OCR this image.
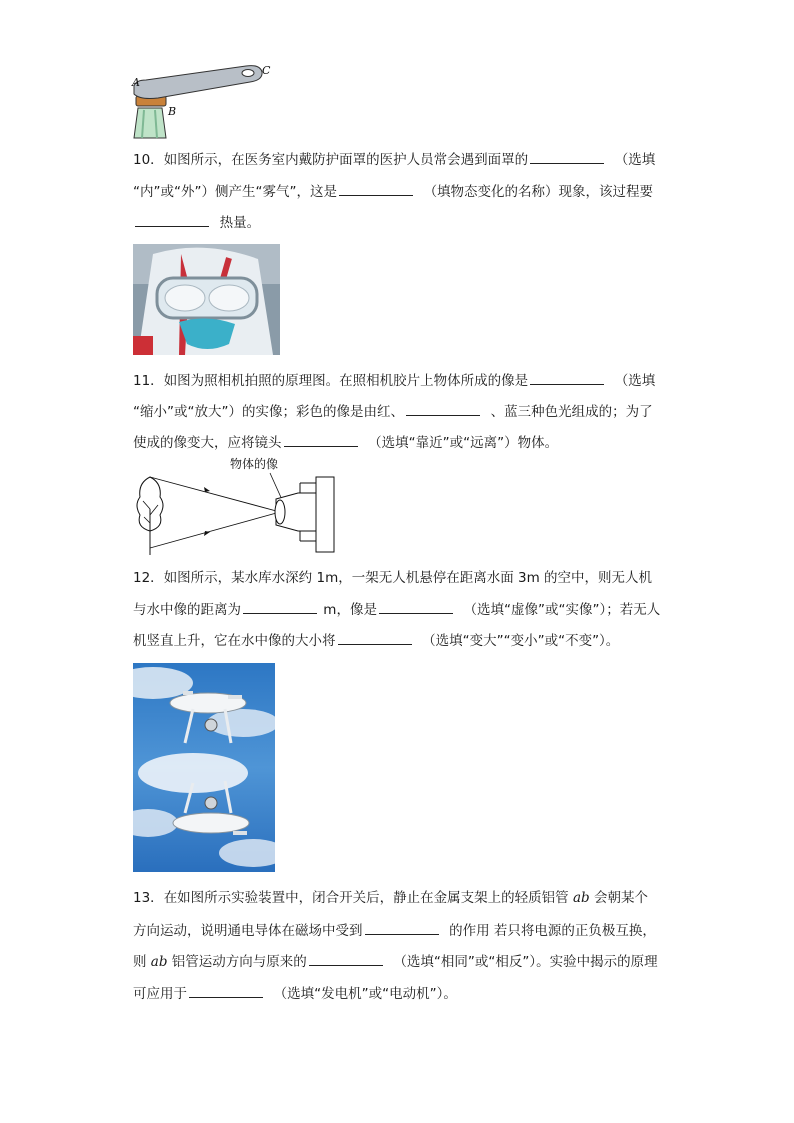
A
B
C
10．如图所示，在医务室内戴防护面罩的医护人员常会遇到面罩的	（选填
“内”或“外”）侧产生“雾气”，这是	（填物态变化的名称）现象，该过程要
热量。
11．如图为照相机拍照的原理图。在照相机胶片上物体所成的像是	（选填
“缩小”或“放大”）的实像；彩色的像是由红、	、蓝三种色光组成的；为了
使成的像变大，应将镜头	（选填“靠近”或“远离”）物体。
物体的像
12．如图所示，某水库水深约 1m，一架无人机悬停在距离水面 3m 的空中，则无人机
与水中像的距离为	m，像是	（选填“虚像”或“实像”）；若无人
机竖直上升，它在水中像的大小将	（选填“变大”“变小”或“不变”）。
13．在如图所示实验装置中，闭合开关后，静止在金属支架上的轻质铝管 ab 会朝某个
方向运动，说明通电导体在磁场中受到	的作用 若只将电源的正负极互换，
则 ab 铝管运动方向与原来的	（选填“相同”或“相反”）。实验中揭示的原理
可应用于	（选填“发电机”或“电动机”）。
